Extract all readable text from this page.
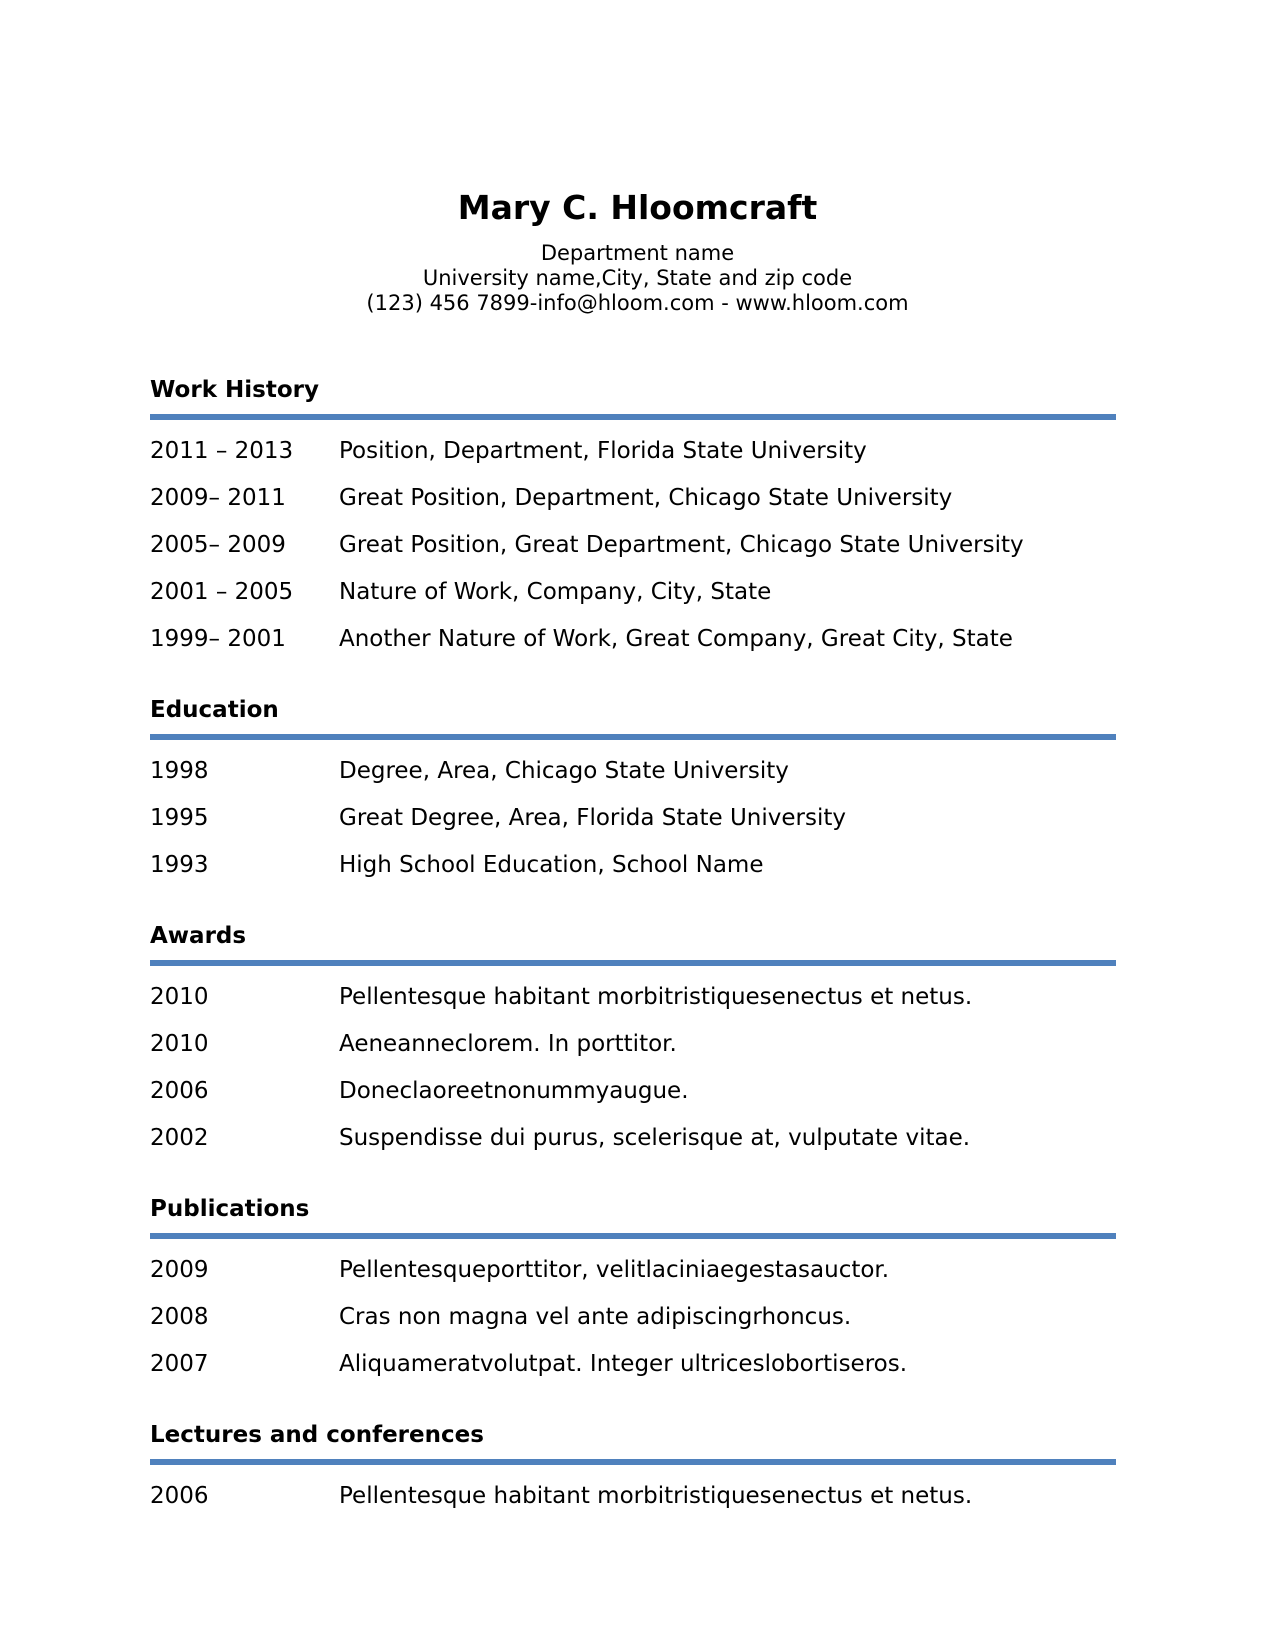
Mary C. Hloomcraft
Department name
University name,City, State and zip code
(123) 456 7899-info@hloom.com - www.hloom.com
Work History
2011 – 2013	Position, Department, Florida State University
2009– 2011	Great Position, Department, Chicago State University
2005– 2009	Great Position, Great Department, Chicago State University
2001 – 2005	Nature of Work, Company, City, State
1999– 2001	Another Nature of Work, Great Company, Great City, State
Education
1998	Degree, Area, Chicago State University
1995	Great Degree, Area, Florida State University
1993	High School Education, School Name
Awards
2010	Pellentesque habitant morbitristiquesenectus et netus.
2010	Aeneanneclorem. In porttitor.
2006	Doneclaoreetnonummyaugue.
2002	Suspendisse dui purus, scelerisque at, vulputate vitae.
Publications
2009	Pellentesqueporttitor, velitlaciniaegestasauctor.
2008	Cras non magna vel ante adipiscingrhoncus.
2007	Aliquameratvolutpat. Integer ultriceslobortiseros.
Lectures and conferences
2006	Pellentesque habitant morbitristiquesenectus et netus.
